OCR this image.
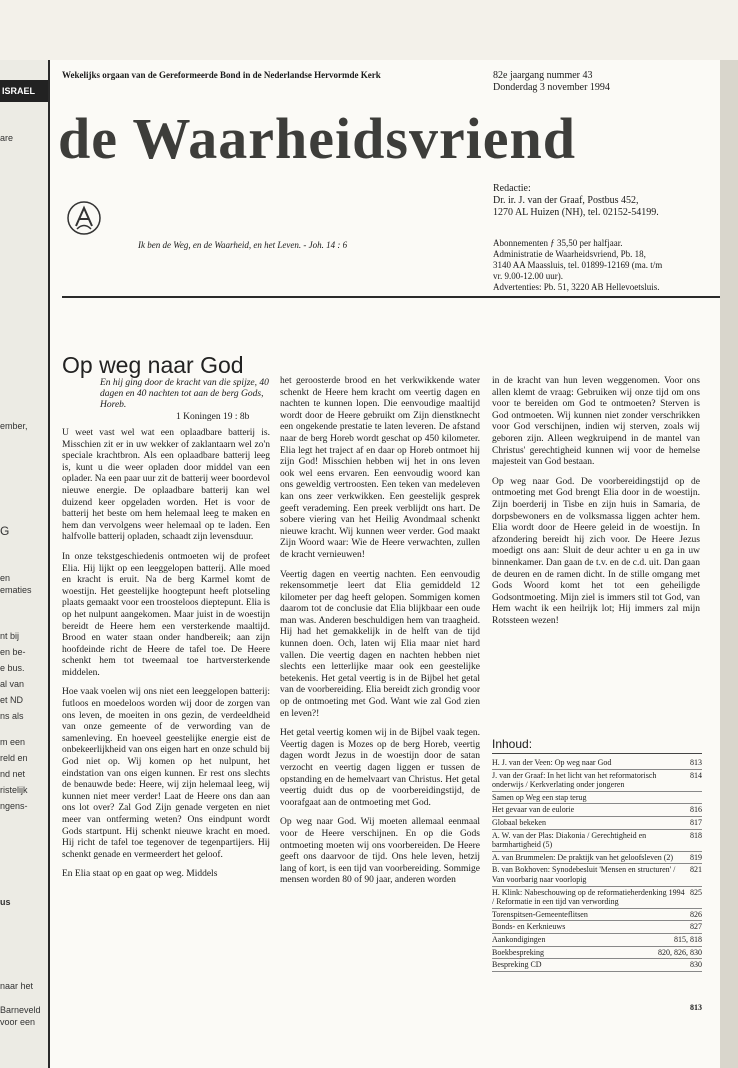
ISRAEL
are
ember,
G
en
ematies
nt bij
en be-
e bus.
al van
et ND
ns als
m een
reld en
nd net
ristelijk
ngens-
us
naar het
Barneveld
voor een
Wekelijks orgaan van de Gereformeerde Bond in de Nederlandse Hervormde Kerk	82e jaargang nummer 43
Donderdag 3 november 1994
de Waarheidsvriend
Ik ben de Weg, en de Waarheid, en het Leven. - Joh. 14 : 6
Redactie:
Dr. ir. J. van der Graaf, Postbus 452,
1270 AL Huizen (NH), tel. 02152-54199.
Abonnementen ƒ 35,50 per halfjaar.
Administratie de Waarheidsvriend, Pb. 18,
3140 AA Maassluis, tel. 01899-12169 (ma. t/m
vr. 9.00-12.00 uur).
Advertenties: Pb. 51, 3220 AB Hellevoetsluis.
Op weg naar God
En hij ging door de kracht van die spijze, 40 dagen en 40 nachten tot aan de berg Gods, Horeb.
1 Koningen 19 : 8b

U weet vast wel wat een oplaadbare batterij is. Misschien zit er in uw wekker of zaklantaarn wel zo'n speciale krachtbron. Als een oplaadbare batterij leeg is, kunt u die weer opladen door middel van een oplader. Na een paar uur zit de batterij weer boordevol nieuwe energie. De oplaadbare batterij kan wel duizend keer opgeladen worden. Het is voor de batterij het beste om hem helemaal leeg te maken en hem dan vervolgens weer helemaal op te laden. Een halfvolle batterij opladen, schaadt zijn levensduur.

In onze tekstgeschiedenis ontmoeten wij de profeet Elia. Hij lijkt op een leeggelopen batterij. Alle moed en kracht is eruit. Na de berg Karmel komt de woestijn. Het geestelijke hoogtepunt heeft plotseling plaats gemaakt voor een troosteloos dieptepunt. Elia is op het nulpunt aangekomen. Maar juist in de woestijn bereidt de Heere hem een versterkende maaltijd. Brood en water staan onder handbereik; aan zijn hoofdeinde richt de Heere de tafel toe. De Heere schenkt hem tot tweemaal toe hartversterkende middelen.

Hoe vaak voelen wij ons niet een leeggelopen batterij: futloos en moedeloos worden wij door de zorgen van ons leven, de moeiten in ons gezin, de verdeeldheid van onze gemeente of de verwording van de samenleving. En hoeveel geestelijke energie eist de onbekeerlijkheid van ons eigen hart en onze schuld bij God niet op. Wij komen op het nulpunt, het eindstation van ons eigen kunnen. Er rest ons slechts de benauwde bede: Heere, wij zijn helemaal leeg, wij kunnen niet meer verder! Laat de Heere ons dan aan ons lot over? Zal God Zijn genade vergeten en niet meer van ontferming weten? Ons eindpunt wordt Gods startpunt. Hij schenkt nieuwe kracht en moed. Hij richt de tafel toe tegenover de tegenpartijers. Hij schenkt genade en vermeerdert het geloof.

En Elia staat op en gaat op weg. Middels

het geroosterde brood en het verkwikkende water schenkt de Heere hem kracht om veertig dagen en nachten te kunnen lopen. Die eenvoudige maaltijd wordt door de Heere gebruikt om Zijn dienstknecht een ongekende prestatie te laten leveren. De afstand naar de berg Horeb wordt geschat op 450 kilometer. Elia legt het traject af en daar op Horeb ontmoet hij zijn God! Misschien hebben wij het in ons leven ook wel eens ervaren. Een eenvoudig woord kan ons geweldig vertroosten. Een teken van medeleven kan ons zeer verkwikken. Een geestelijk gesprek geeft verademing. Een preek verblijdt ons hart. De sobere viering van het Heilig Avondmaal schenkt nieuwe kracht. Wij kunnen weer verder. God maakt Zijn Woord waar: Wie de Heere verwachten, zullen de kracht vernieuwen!

Veertig dagen en veertig nachten. Een eenvoudig rekensommetje leert dat Elia gemiddeld 12 kilometer per dag heeft gelopen. Sommigen komen daarom tot de conclusie dat Elia blijkbaar een oude man was. Anderen beschuldigen hem van traagheid. Hij had het gemakkelijk in de helft van de tijd kunnen doen. Och, laten wij Elia maar niet hard vallen. Die veertig dagen en nachten hebben niet slechts een letterlijke maar ook een geestelijke betekenis. Het getal veertig is in de Bijbel het getal van de voorbereiding. Elia bereidt zich grondig voor op de ontmoeting met God. Want wie zal God zien en leven?!

Het getal veertig komen wij in de Bijbel vaak tegen. Veertig dagen is Mozes op de berg Horeb, veertig dagen wordt Jezus in de woestijn door de satan verzocht en veertig dagen liggen er tussen de opstanding en de hemelvaart van Christus. Het getal veertig duidt dus op de voorbereidingstijd, de voorafgaat aan de ontmoeting met God.

Op weg naar God. Wij moeten allemaal eenmaal voor de Heere verschijnen. En op die Gods ontmoeting moeten wij ons voorbereiden. De Heere geeft ons daarvoor de tijd. Ons hele leven, hetzij lang of kort, is een tijd van voorbereiding. Sommige mensen worden 80 of 90 jaar, anderen worden

in de kracht van hun leven weggenomen. Voor ons allen klemt de vraag: Gebruiken wij onze tijd om ons voor te bereiden om God te ontmoeten? Sterven is God ontmoeten. Wij kunnen niet zonder verschrikken voor God verschijnen, indien wij sterven, zoals wij geboren zijn. Alleen wegkruipend in de mantel van Christus' gerechtigheid kunnen wij voor de hemelse majesteit van God bestaan.

Op weg naar God. De voorbereidingstijd op de ontmoeting met God brengt Elia door in de woestijn. Zijn boerderij in Tisbe en zijn huis in Samaria, de dorpsbewoners en de volksmassa liggen achter hem. Elia wordt door de Heere geleid in de woestijn. In afzondering bereidt hij zich voor. De Heere Jezus moedigt ons aan: Sluit de deur achter u en ga in uw binnenkamer. Dan gaan de t.v. en de c.d. uit. Dan gaan de deuren en de ramen dicht. In de stille omgang met Gods Woord komt het tot een geheiligde Godsontmoeting. Mijn ziel is immers stil tot God, van Hem wacht ik een heilrijk lot; Hij immers zal mijn Rotssteen wezen!

Inhoud:
H. J. van der Veen: Op weg naar God	813
J. van der Graaf: In het licht van het reformatorisch onderwijs / Kerkverlating onder jongeren
814
Samen op Weg een stap terug
Het gevaar van de eulorie	816
Globaal bekeken	817
A. W. van der Plas: Diakonia / Gerechtigheid en barmhartigheid (5)
818
A. van Brummelen: De praktijk van het geloofsleven (2)	819
B. van Bokhoven: Synodebesluit 'Mensen en structuren' / Van voorbarig naar voorlopig
821
H. Klink: Nabeschouwing op de reformatieherdenking 1994 / Reformatie in een tijd van verwording
825
Torenspitsen-Gemeenteflitsen	826
Bonds- en Kerknieuws	827
Aankondigingen	815, 818
Boekbespreking	820, 826, 830
Bespreking CD	830
813
